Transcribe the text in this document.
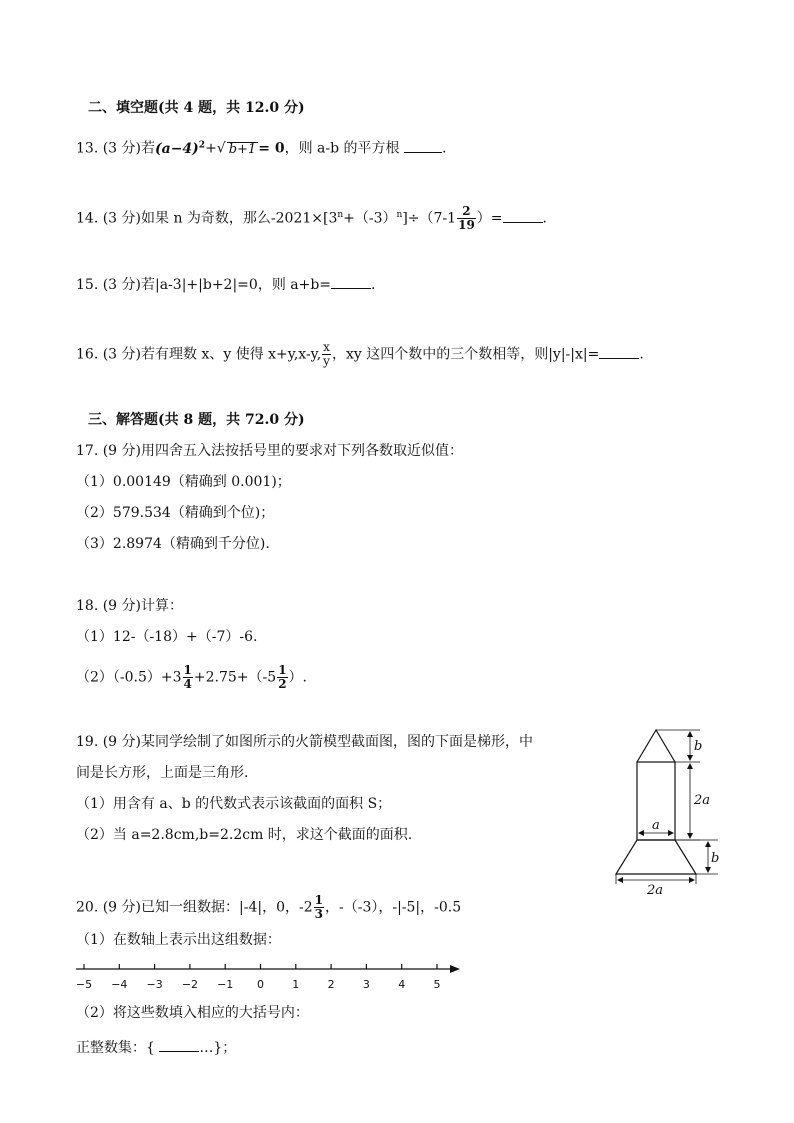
二、填空题(共 4 题，共 12.0 分)
13. (3 分)若$(a-4)^2+√$ b+1 = 0，则 a-b 的平方根	.
14. (3 分)如果 n 为奇数，那么$-2021\times[3^n+(-3)^n]\div(7-1 \frac{2}{19}$ ）=	.
15. (3 分)若|a-3|+|b+2|=0，则 a+b=	.
16. (3 分)若有理数 x、y 使得 x+y,x-y, $\frac{x}{y}$ ，xy 这四个数中的三个数相等，则|y|-|x|=	.
三、解答题(共 8 题，共 72.0 分)
17. (9 分)用四舍五入法按括号里的要求对下列各数取近似值：
（1）0.00149（精确到 0.001)；
（2）579.534（精确到个位)；
（3）2.8974（精确到千分位).
18. (9 分)计算：
（1）12-（-18）+（-7）-6.
$(2)(-0.5)+3 \frac{1}{4} +2.75+(-5 \frac{1}{2}$ ）.
19. (9 分)某同学绘制了如图所示的火箭模型截面图，图的下面是梯形，中
间是长方形，上面是三角形.
（1）用含有 a、b 的代数式表示该截面的面积 S；
（2）当 a=2.8cm,b=2.2cm 时，求这个截面的面积.
b
2a
a
b
2a
20. (9 分)已知一组数据：|-4|，0，$-2 \frac{1}{3}$ ，-（-3），-|-5|，-0.5
（1）在数轴上表示出这组数据：
−5 −4 −3 −2 −1 0	1	2	3	4	5
（2）将这些数填入相应的大括号内：
正整数集：{	…}；
